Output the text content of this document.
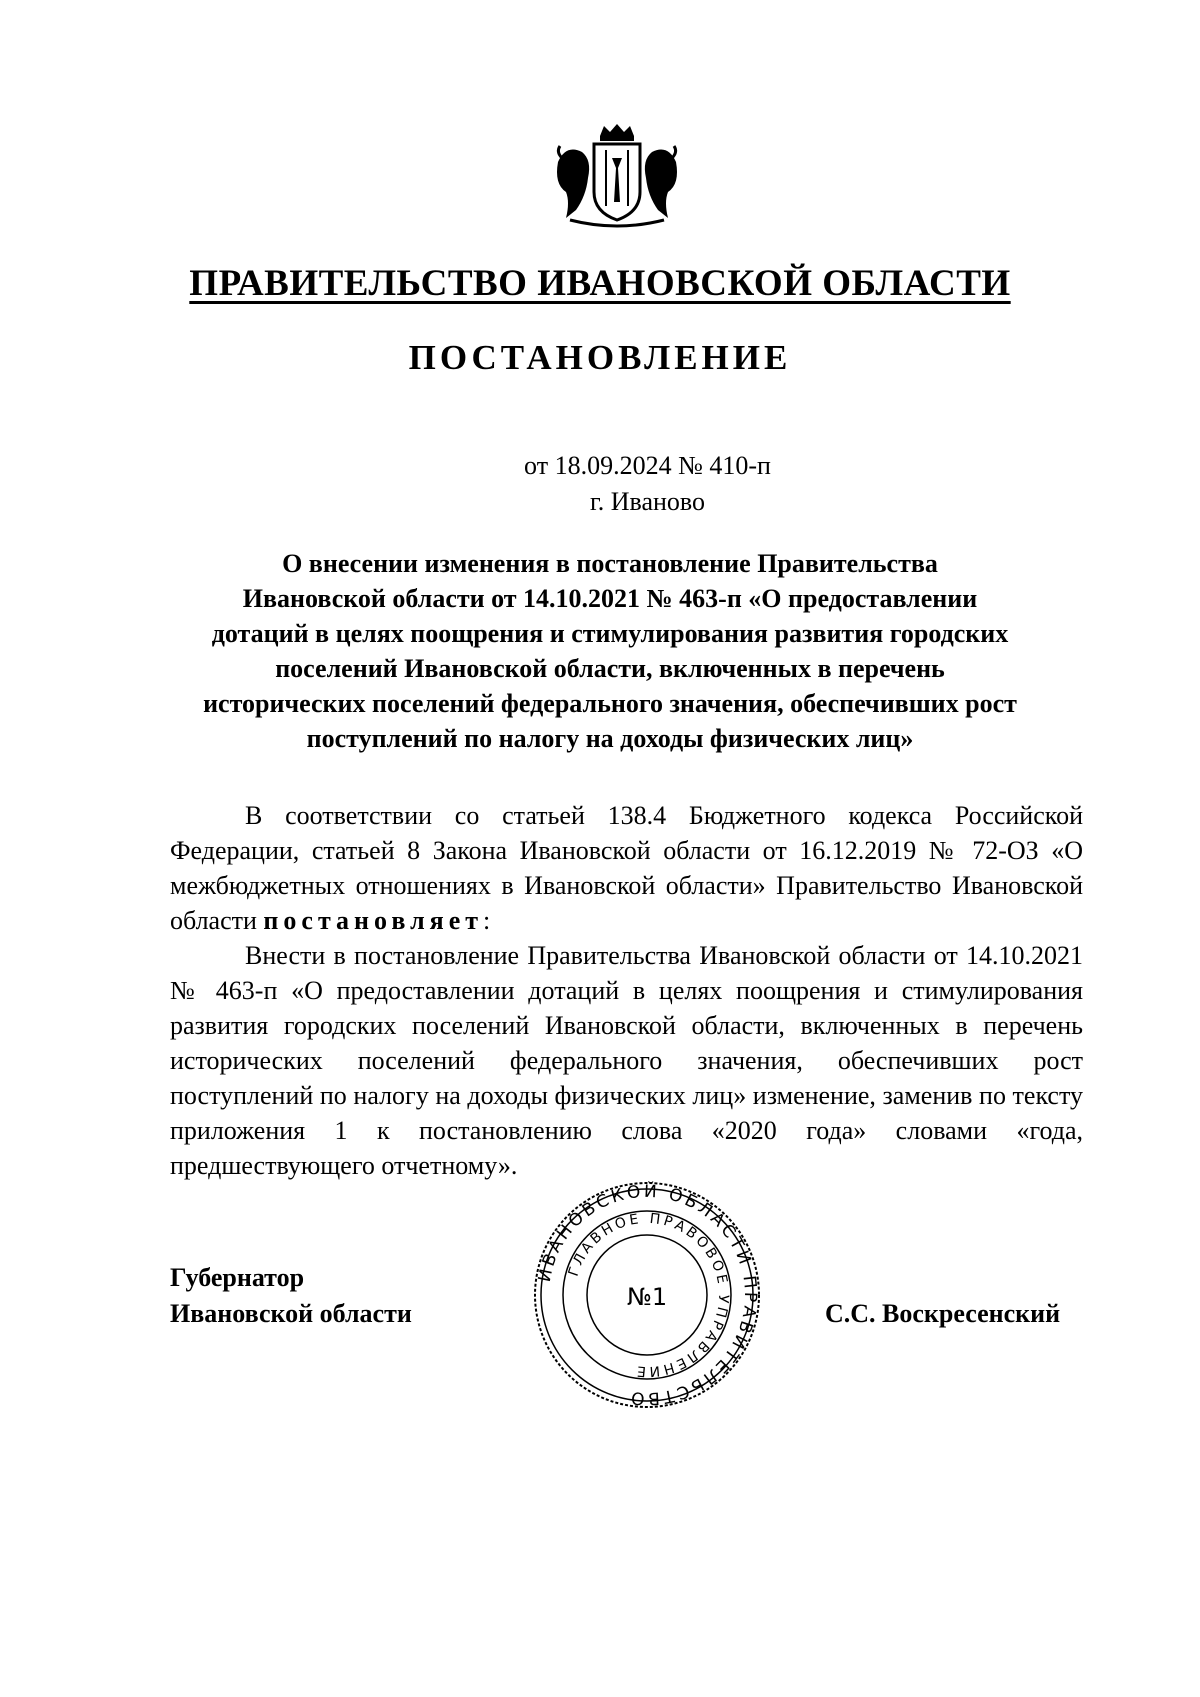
ПРАВИТЕЛЬСТВО ИВАНОВСКОЙ ОБЛАСТИ
ПОСТАНОВЛЕНИЕ
от 18.09.2024 № 410-п
г. Иваново
О внесении изменения в постановление Правительства
Ивановской области от 14.10.2021 № 463-п «О предоставлении
дотаций в целях поощрения и стимулирования развития городских
поселений Ивановской области, включенных в перечень
исторических поселений федерального значения, обеспечивших рост
поступлений по налогу на доходы физических лиц»

В соответствии со статьей 138.4 Бюджетного кодекса Российской Федерации, статьей 8 Закона Ивановской области от 16.12.2019 № 72-ОЗ «О межбюджетных отношениях в Ивановской области» Правительство Ивановской области постановляет:

Внести в постановление Правительства Ивановской области от 14.10.2021 № 463-п «О предоставлении дотаций в целях поощрения и стимулирования развития городских поселений Ивановской области, включенных в перечень исторических поселений федерального значения, обеспечивших рост поступлений по налогу на доходы физических лиц» изменение, заменив по тексту приложения 1 к постановлению слова «2020 года» словами «года, предшествующего отчетному».

Губернатор
Ивановской области
ИВАНОВСКОЙ ОБЛАСТИ ПРАВИТЕЛЬСТВО
ГЛАВНОЕ ПРАВОВОЕ УПРАВЛЕНИЕ
№1
С.С. Воскресенский
